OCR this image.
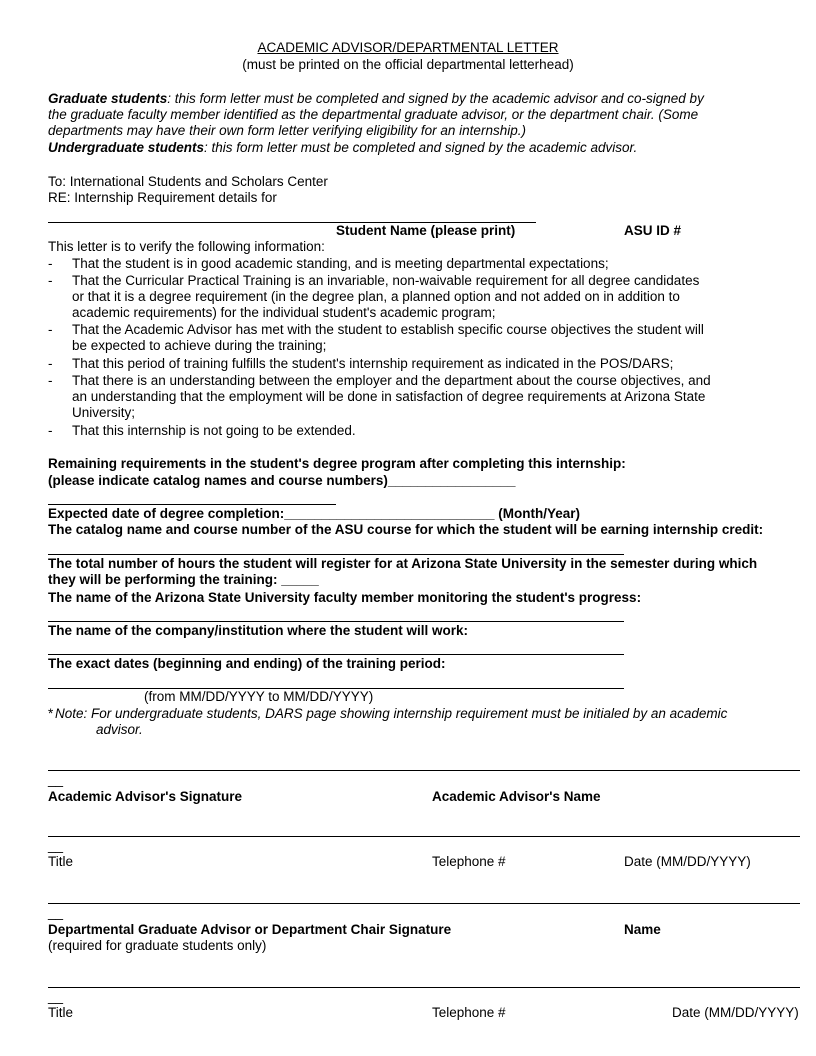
ACADEMIC ADVISOR/DEPARTMENTAL LETTER
(must be printed on the official departmental letterhead)
Graduate students: this form letter must be completed and signed by the academic advisor and co-signed by
the graduate faculty member identified as the departmental graduate advisor, or the department chair. (Some
departments may have their own form letter verifying eligibility for an internship.)
Undergraduate students: this form letter must be completed and signed by the academic advisor.
To: International Students and Scholars Center
RE: Internship Requirement details for
Student Name (please print)	ASU ID #
This letter is to verify the following information:
- That the student is in good academic standing, and is meeting departmental expectations;
- That the Curricular Practical Training is an invariable, non-waivable requirement for all degree candidates
or that it is a degree requirement (in the degree plan, a planned option and not added on in addition to
academic requirements) for the individual student's academic program;
- That the Academic Advisor has met with the student to establish specific course objectives the student will
be expected to achieve during the training;
- That this period of training fulfills the student's internship requirement as indicated in the POS/DARS;
- That there is an understanding between the employer and the department about the course objectives, and
an understanding that the employment will be done in satisfaction of degree requirements at Arizona State
University;
- That this internship is not going to be extended.
Remaining requirements in the student's degree program after completing this internship:
(please indicate catalog names and course numbers)_________________
Expected date of degree completion:____________________________ (Month/Year)
The catalog name and course number of the ASU course for which the student will be earning internship credit:
The total number of hours the student will register for at Arizona State University in the semester during which
they will be performing the training: _____
The name of the Arizona State University faculty member monitoring the student's progress:
The name of the company/institution where the student will work:
The exact dates (beginning and ending) of the training period:
(from MM/DD/YYYY to MM/DD/YYYY)
* Note: For undergraduate students, DARS page showing internship requirement must be initialed by an academic
advisor.
__
Academic Advisor's Signature	Academic Advisor's Name
__
Title	Telephone #	Date (MM/DD/YYYY)
__
Departmental Graduate Advisor or Department Chair Signature	Name
(required for graduate students only)
__
Title	Telephone #	Date (MM/DD/YYYY)
